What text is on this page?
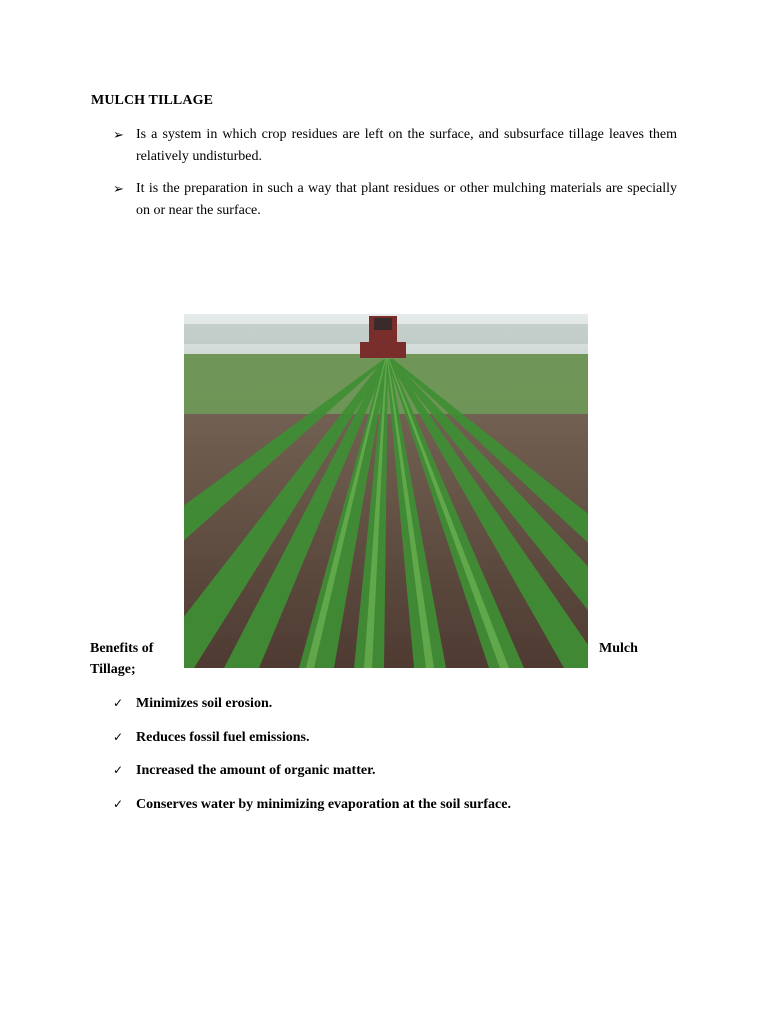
MULCH TILLAGE
➢ Is a system in which crop residues are left on the surface, and subsurface tillage leaves them relatively undisturbed.
➢ It is the preparation in such a way that plant residues or other mulching materials are specially on or near the surface.
Benefits of	Mulch
Tillage;
✓ Minimizes soil erosion.
✓ Reduces fossil fuel emissions.
✓ Increased the amount of organic matter.
✓ Conserves water by minimizing evaporation at the soil surface.
